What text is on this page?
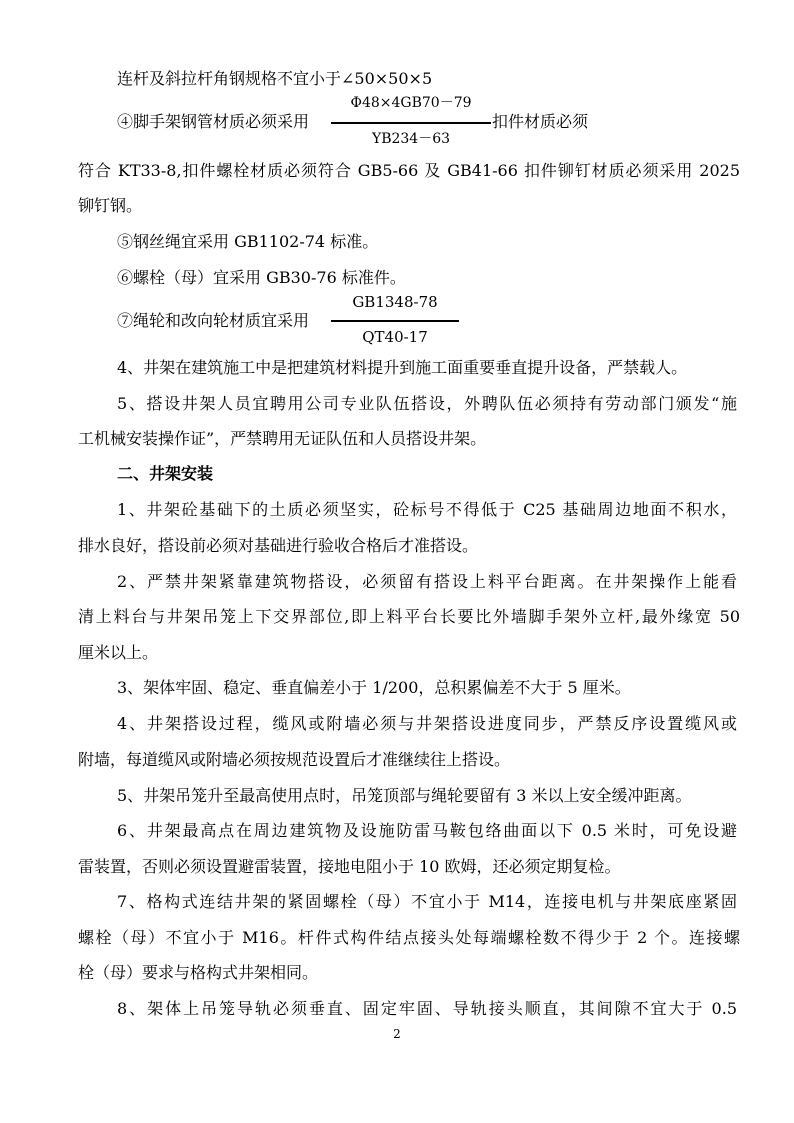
连杆及斜拉杆角钢规格不宜小于∠50×50×5
④脚手架钢管材质必须采用
Φ48×4GB70－79
YB234－63
扣件材质必须
符合 KT33-8,扣件螺栓材质必须符合 GB5-66 及 GB41-66 扣件铆钉材质必须采用 2025
铆钉钢。
⑤钢丝绳宜采用 GB1102-74 标准。
⑥螺栓（母）宜采用 GB30-76 标准件。
⑦绳轮和改向轮材质宜采用
GB1348-78
QT40-17
4、井架在建筑施工中是把建筑材料提升到施工面重要垂直提升设备，严禁载人。
5、搭设井架人员宜聘用公司专业队伍搭设，外聘队伍必须持有劳动部门颁发“施
工机械安装操作证”，严禁聘用无证队伍和人员搭设井架。
二、井架安装
1、井架砼基础下的土质必须坚实，砼标号不得低于 C25 基础周边地面不积水，
排水良好，搭设前必须对基础进行验收合格后才准搭设。
2、严禁井架紧靠建筑物搭设，必须留有搭设上料平台距离。在井架操作上能看
清上料台与井架吊笼上下交界部位,即上料平台长要比外墙脚手架外立杆,最外缘宽 50
厘米以上。
3、架体牢固、稳定、垂直偏差小于 1/200，总积累偏差不大于 5 厘米。
4、井架搭设过程，缆风或附墙必须与井架搭设进度同步，严禁反序设置缆风或
附墙，每道缆风或附墙必须按规范设置后才准继续往上搭设。
5、井架吊笼升至最高使用点时，吊笼顶部与绳轮要留有 3 米以上安全缓冲距离。
6、井架最高点在周边建筑物及设施防雷马鞍包络曲面以下 0.5 米时，可免设避
雷装置，否则必须设置避雷装置，接地电阻小于 10 欧姆，还必须定期复检。
7、格构式连结井架的紧固螺栓（母）不宜小于 M14，连接电机与井架底座紧固
螺栓（母）不宜小于 M16。杆件式构件结点接头处每端螺栓数不得少于 2 个。连接螺
栓（母）要求与格构式井架相同。
8、架体上吊笼导轨必须垂直、固定牢固、导轨接头顺直，其间隙不宜大于 0.5
2
